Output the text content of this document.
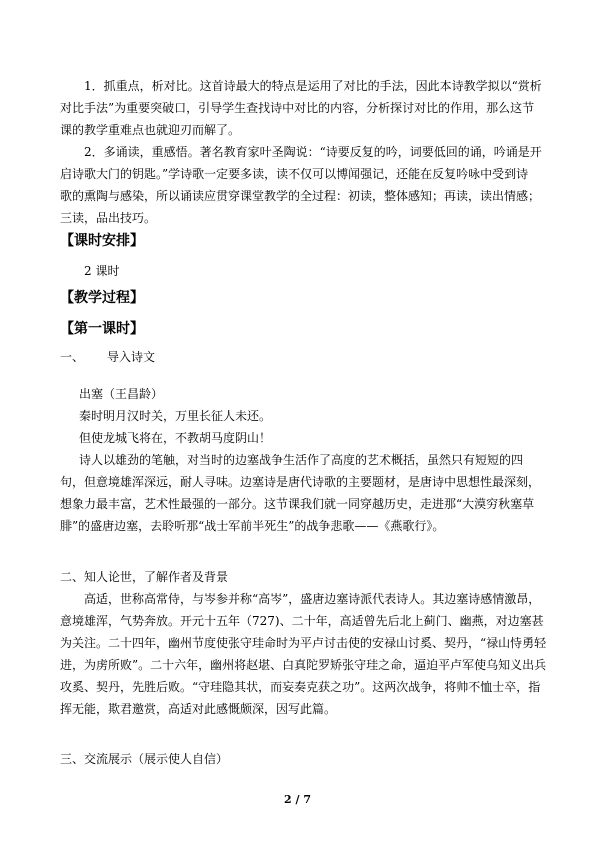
1．抓重点，析对比。这首诗最大的特点是运用了对比的手法，因此本诗教学拟以“赏析
对比手法”为重要突破口，引导学生查找诗中对比的内容，分析探讨对比的作用，那么这节
课的教学重难点也就迎刃而解了。
2．多诵读，重感悟。著名教育家叶圣陶说：“诗要反复的吟，词要低回的诵，吟诵是开
启诗歌大门的钥匙。”学诗歌一定要多读，读不仅可以博闻强记，还能在反复吟咏中受到诗
歌的熏陶与感染，所以诵读应贯穿课堂教学的全过程：初读，整体感知；再读，读出情感；
三读，品出技巧。
【课时安排】
2 课时
【教学过程】
【第一课时】
一、 导入诗文
出塞（王昌龄）
秦时明月汉时关，万里长征人未还。
但使龙城飞将在，不教胡马度阴山！
诗人以雄劲的笔触，对当时的边塞战争生活作了高度的艺术概括，虽然只有短短的四
句，但意境雄浑深远，耐人寻味。边塞诗是唐代诗歌的主要题材，是唐诗中思想性最深刻，
想象力最丰富，艺术性最强的一部分。这节课我们就一同穿越历史，走进那“大漠穷秋塞草
腓”的盛唐边塞，去聆听那“战士军前半死生”的战争悲歌——《燕歌行》。
二、知人论世，了解作者及背景
高适，世称高常侍，与岑参并称“高岑”，盛唐边塞诗派代表诗人。其边塞诗感情激昂，
意境雄浑，气势奔放。开元十五年（727)、二十年，高适曾先后北上蓟门、幽燕，对边塞甚
为关注。二十四年，幽州节度使张守珪命时为平卢讨击使的安禄山讨奚、契丹，“禄山恃勇轻
进，为虏所败”。二十六年，幽州将赵堪、白真陀罗矫张守珪之命，逼迫平卢军使乌知义出兵
攻奚、契丹，先胜后败。“守珪隐其状，而妄奏克获之功”。这两次战争，将帅不恤士卒，指
挥无能，欺君邀赏，高适对此感慨颇深，因写此篇。
三、交流展示（展示使人自信）
2 / 7
